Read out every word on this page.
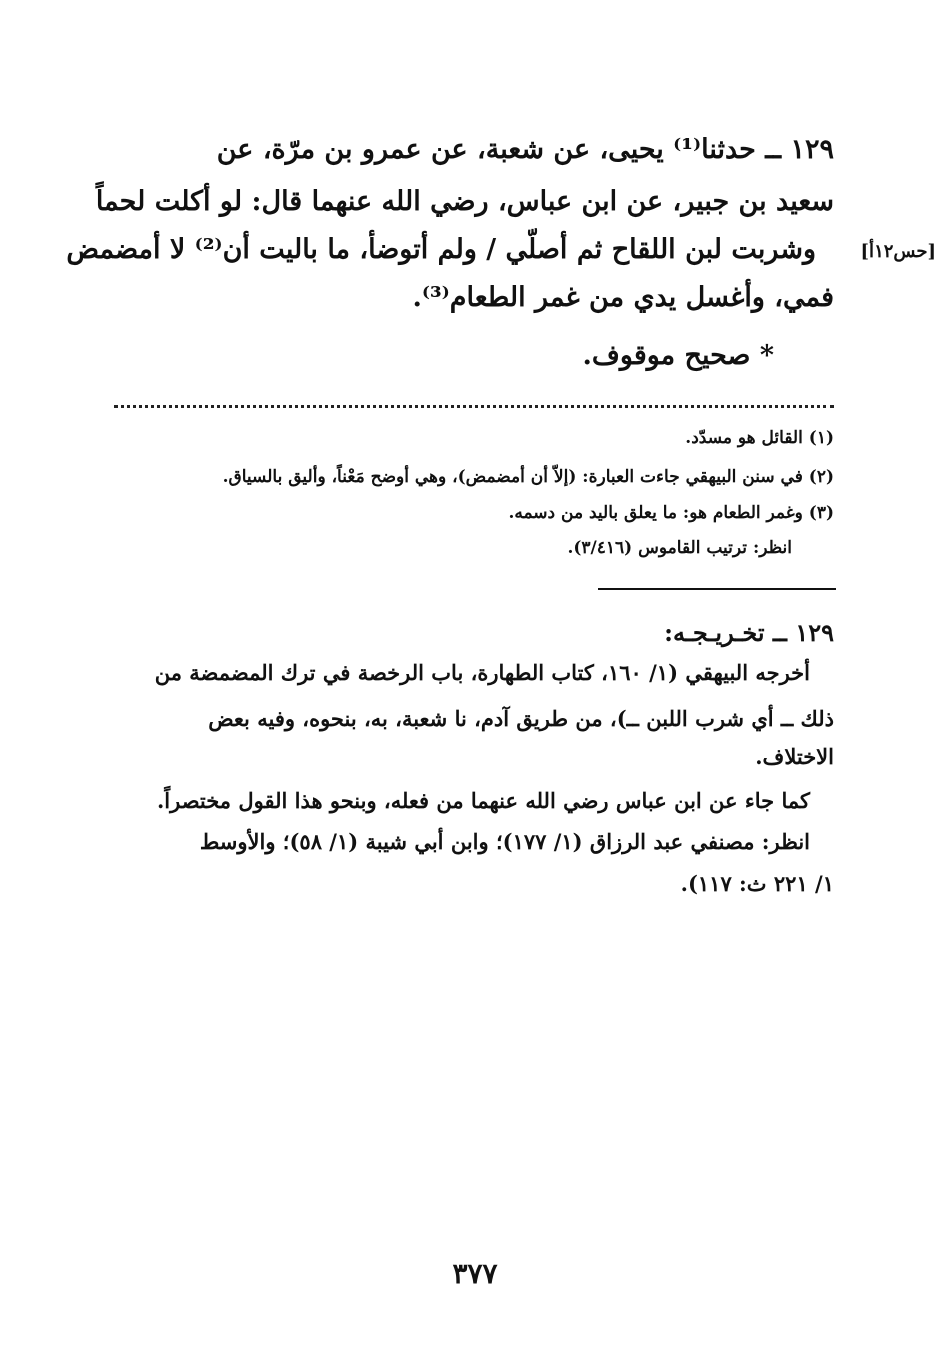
١٢٩ ــ حدثنا⁽¹⁾ يحيى، عن شعبة، عن عمرو بن مرّة، عن
سعيد بن جبير، عن ابن عباس، رضي الله عنهما قال: لو أكلت لحماً
وشربت لبن اللقاح ثم أصلّي / ولم أتوضأ، ما باليت أن⁽²⁾ لا أمضمض [حس١٢أ]
فمي، وأغسل يدي من غمر الطعام⁽³⁾.
* صحيح موقوف.
(١) القائل هو مسدّد.
(٢) في سنن البيهقي جاءت العبارة: (إلاّ أن أمضمض)، وهي أوضح مَعْناً، وأليق بالسياق.
(٣) وغمر الطعام هو: ما يعلق باليد من دسمه.
انظر: ترتيب القاموس (٣/٤١٦).
١٢٩ ــ تخـريـجـه:
أخرجه البيهقي (١/ ١٦٠، كتاب الطهارة، باب الرخصة في ترك المضمضة من
ذلك ــ أي شرب اللبن ــ)، من طريق آدم، نا شعبة، به، بنحوه، وفيه بعض
الاختلاف.
كما جاء عن ابن عباس رضي الله عنهما من فعله، وبنحو هذا القول مختصراً.
انظر: مصنفي عبد الرزاق (١/ ١٧٧)؛ وابن أبي شيبة (١/ ٥٨)؛ والأوسط
١/ ٢٢١ ث: ١١٧).
٣٧٧
